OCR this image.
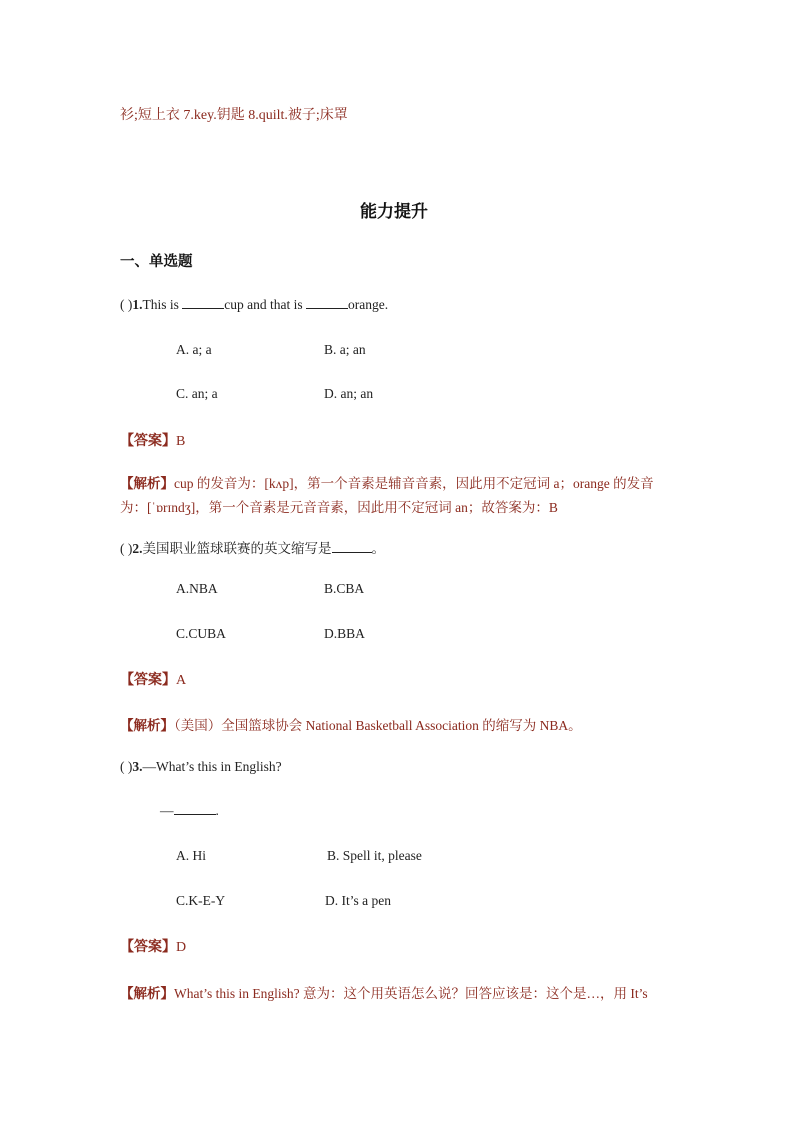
衫;短上衣 7.key.钥匙 8.quilt.被子;床罩
能力提升
一、单选题
( )1.This is	cup and that is	orange.
A. a; a	B. a; an
C. an; a	D. an; an
【答案】B
【解析】cup 的发音为：[kʌp]，第一个音素是辅音音素，因此用不定冠词 a；orange 的发音
为：[ˈɒrɪndʒ]，第一个音素是元音音素，因此用不定冠词 an；故答案为：B
( )2.美国职业篮球联赛的英文缩写是	。
A.NBA	B.CBA
C.CUBA	D.BBA
【答案】A
【解析】（美国）全国篮球协会 National Basketball Association 的缩写为 NBA。
( )3.—What’s this in English?
—	.
A. Hi	B. Spell it, please
C.K-E-Y	D. It’s a pen
【答案】D
【解析】What’s this in English? 意为：这个用英语怎么说？回答应该是：这个是…，用 It’s
